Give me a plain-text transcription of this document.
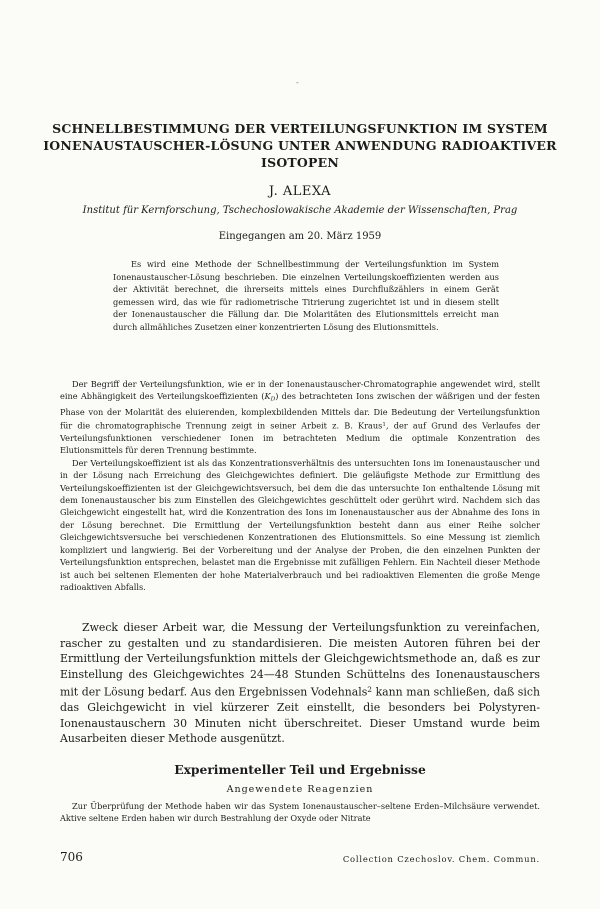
-
SCHNELLBESTIMMUNG DER VERTEILUNGSFUNKTION IM SYSTEM IONENAUSTAUSCHER-LÖSUNG UNTER ANWENDUNG RADIOAKTIVER ISOTOPEN
J. ALEXA
Institut für Kernforschung, Tschechoslowakische Akademie der Wissenschaften, Prag
Eingegangen am 20. März 1959

Es wird eine Methode der Schnellbestimmung der Verteilungsfunktion im System Ionenaustauscher-Lösung beschrieben. Die einzelnen Verteilungskoeffizienten werden aus der Aktivität berechnet, die ihrerseits mittels eines Durchflußzählers in einem Gerät gemessen wird, das wie für radiometrische Titrierung zugerichtet ist und in diesem stellt der Ionenaustauscher die Fällung dar. Die Molaritäten des Elutionsmittels erreicht man durch allmähliches Zusetzen einer konzentrierten Lösung des Elutionsmittels.

Der Begriff der Verteilungsfunktion, wie er in der Ionenaustauscher-Chromatographie angewendet wird, stellt eine Abhängigkeit des Verteilungskoeffizienten $(K_D)$ des betrachteten Ions zwischen der wäßrigen und der festen Phase von der Molarität des eluierenden, komplexbildenden Mittels dar. Die Bedeutung der Verteilungsfunktion für die chromatographische Trennung zeigt in seiner Arbeit z. B. Kraus$^1$, der auf Grund des Verlaufes der Verteilungsfunktionen verschiedener Ionen im betrachteten Medium die optimale Konzentration des Elutionsmittels für deren Trennung bestimmte.

Der Verteilungskoeffizient ist als das Konzentrationsverhältnis des untersuchten Ions im Ionenaustauscher und in der Lösung nach Erreichung des Gleichgewichtes definiert. Die geläufigste Methode zur Ermittlung des Verteilungskoeffizienten ist der Gleichgewichtsversuch, bei dem die das untersuchte Ion enthaltende Lösung mit dem Ionenaustauscher bis zum Einstellen des Gleichgewichtes geschüttelt oder gerührt wird. Nachdem sich das Gleichgewicht eingestellt hat, wird die Konzentration des Ions im Ionenaustauscher aus der Abnahme des Ions in der Lösung berechnet. Die Ermittlung der Verteilungsfunktion besteht dann aus einer Reihe solcher Gleichgewichtsversuche bei verschiedenen Konzentrationen des Elutionsmittels. So eine Messung ist ziemlich kompliziert und langwierig. Bei der Vorbereitung und der Analyse der Proben, die den einzelnen Punkten der Verteilungsfunktion entsprechen, belastet man die Ergebnisse mit zufälligen Fehlern. Ein Nachteil dieser Methode ist auch bei seltenen Elementen der hohe Materialverbrauch und bei radioaktiven Elementen die große Menge radioaktiven Abfalls.

Zweck dieser Arbeit war, die Messung der Verteilungsfunktion zu vereinfachen, rascher zu gestalten und zu standardisieren. Die meisten Autoren führen bei der Ermittlung der Verteilungsfunktion mittels der Gleichgewichtsmethode an, daß es zur Einstellung des Gleichgewichtes 24—48 Stunden Schüttelns des Ionenaustauschers mit der Lösung bedarf. Aus den Ergebnissen Vodehnals$^2$ kann man schließen, daß sich das Gleichgewicht in viel kürzerer Zeit einstellt, die besonders bei Polystyren-Ionenaustauschern 30 Minuten nicht überschreitet. Dieser Umstand wurde beim Ausarbeiten dieser Methode ausgenützt.

Experimenteller Teil und Ergebnisse
Angewendete Reagenzien

Zur Überprüfung der Methode haben wir das System Ionenaustauscher–seltene Erden–Milchsäure verwendet. Aktive seltene Erden haben wir durch Bestrahlung der Oxyde oder Nitrate

706	Collection Czechoslov. Chem. Commun.
